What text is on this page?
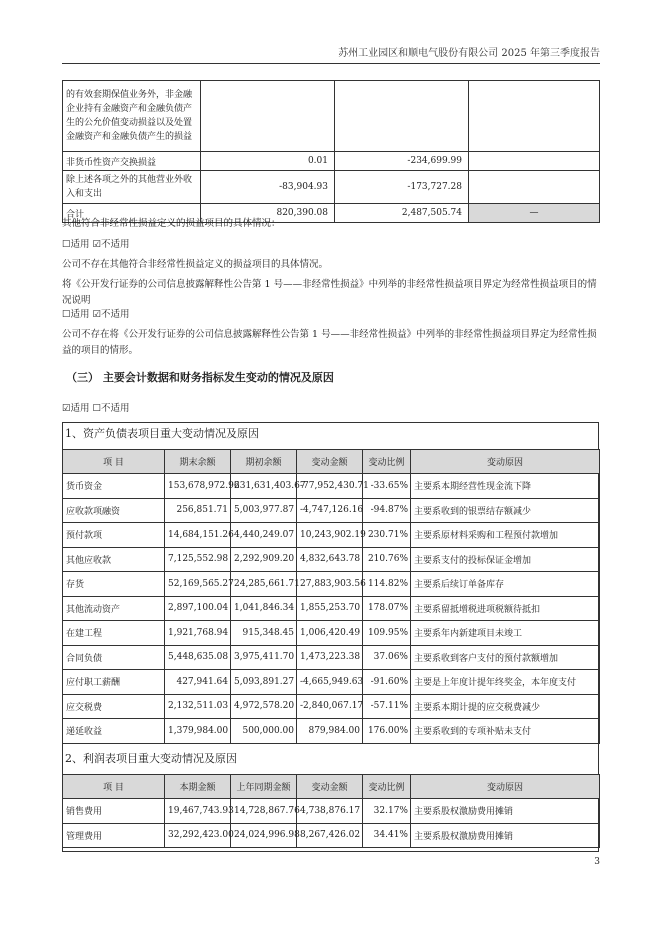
苏州工业园区和顺电气股份有限公司 2025 年第三季度报告
的有效套期保值业务外，非金融企业持有金融资产和金融负债产生的公允价值变动损益以及处置金融资产和金融负债产生的损益			
非货币性资产交换损益	0.01	-234,699.99	
除上述各项之外的其他营业外收入和支出	-83,904.93	-173,727.28	
合计	820,390.08	2,487,505.74	—

其他符合非经常性损益定义的损益项目的具体情况：

☐适用 ☑不适用

公司不存在其他符合非经常性损益定义的损益项目的具体情况。

将《公开发行证券的公司信息披露解释性公告第 1 号——非经常性损益》中列举的非经常性损益项目界定为经常性损益项目的情况说明

☐适用 ☑不适用

公司不存在将《公开发行证券的公司信息披露解释性公告第 1 号——非经常性损益》中列举的非经常性损益项目界定为经常性损益的项目的情形。

（三） 主要会计数据和财务指标发生变动的情况及原因

☑适用 ☐不适用

1、资产负债表项目重大变动情况及原因
项 目	期末余额	期初余额	变动金额	变动比例	变动原因
货币资金	153,678,972.96	231,631,403.67	-77,952,430.71	-33.65%	主要系本期经营性现金流下降
应收款项融资	256,851.71	5,003,977.87	-4,747,126.16	-94.87%	主要系收到的银票结存额减少
预付款项	14,684,151.26	4,440,249.07	10,243,902.19	230.71%	主要系原材料采购和工程预付款增加
其他应收款	7,125,552.98	2,292,909.20	4,832,643.78	210.76%	主要系支付的投标保证金增加
存货	52,169,565.27	24,285,661.71	27,883,903.56	114.82%	主要系后续订单备库存
其他流动资产	2,897,100.04	1,041,846.34	1,855,253.70	178.07%	主要系留抵增税进项税额待抵扣
在建工程	1,921,768.94	915,348.45	1,006,420.49	109.95%	主要系年内新建项目未竣工
合同负债	5,448,635.08	3,975,411.70	1,473,223.38	37.06%	主要系收到客户支付的预付款额增加
应付职工薪酬	427,941.64	5,093,891.27	-4,665,949.63	-91.60%	主要是上年度计提年终奖金，本年度支付
应交税费	2,132,511.03	4,972,578.20	-2,840,067.17	-57.11%	主要系本期计提的应交税费减少
递延收益	1,379,984.00	500,000.00	879,984.00	176.00%	主要系收到的专项补贴未支付
2、利润表项目重大变动情况及原因
项 目	本期金额	上年同期金额	变动金额	变动比例	变动原因
销售费用	19,467,743.93	14,728,867.76	4,738,876.17	32.17%	主要系股权激励费用摊销
管理费用	32,292,423.00	24,024,996.98	8,267,426.02	34.41%	主要系股权激励费用摊销
3
